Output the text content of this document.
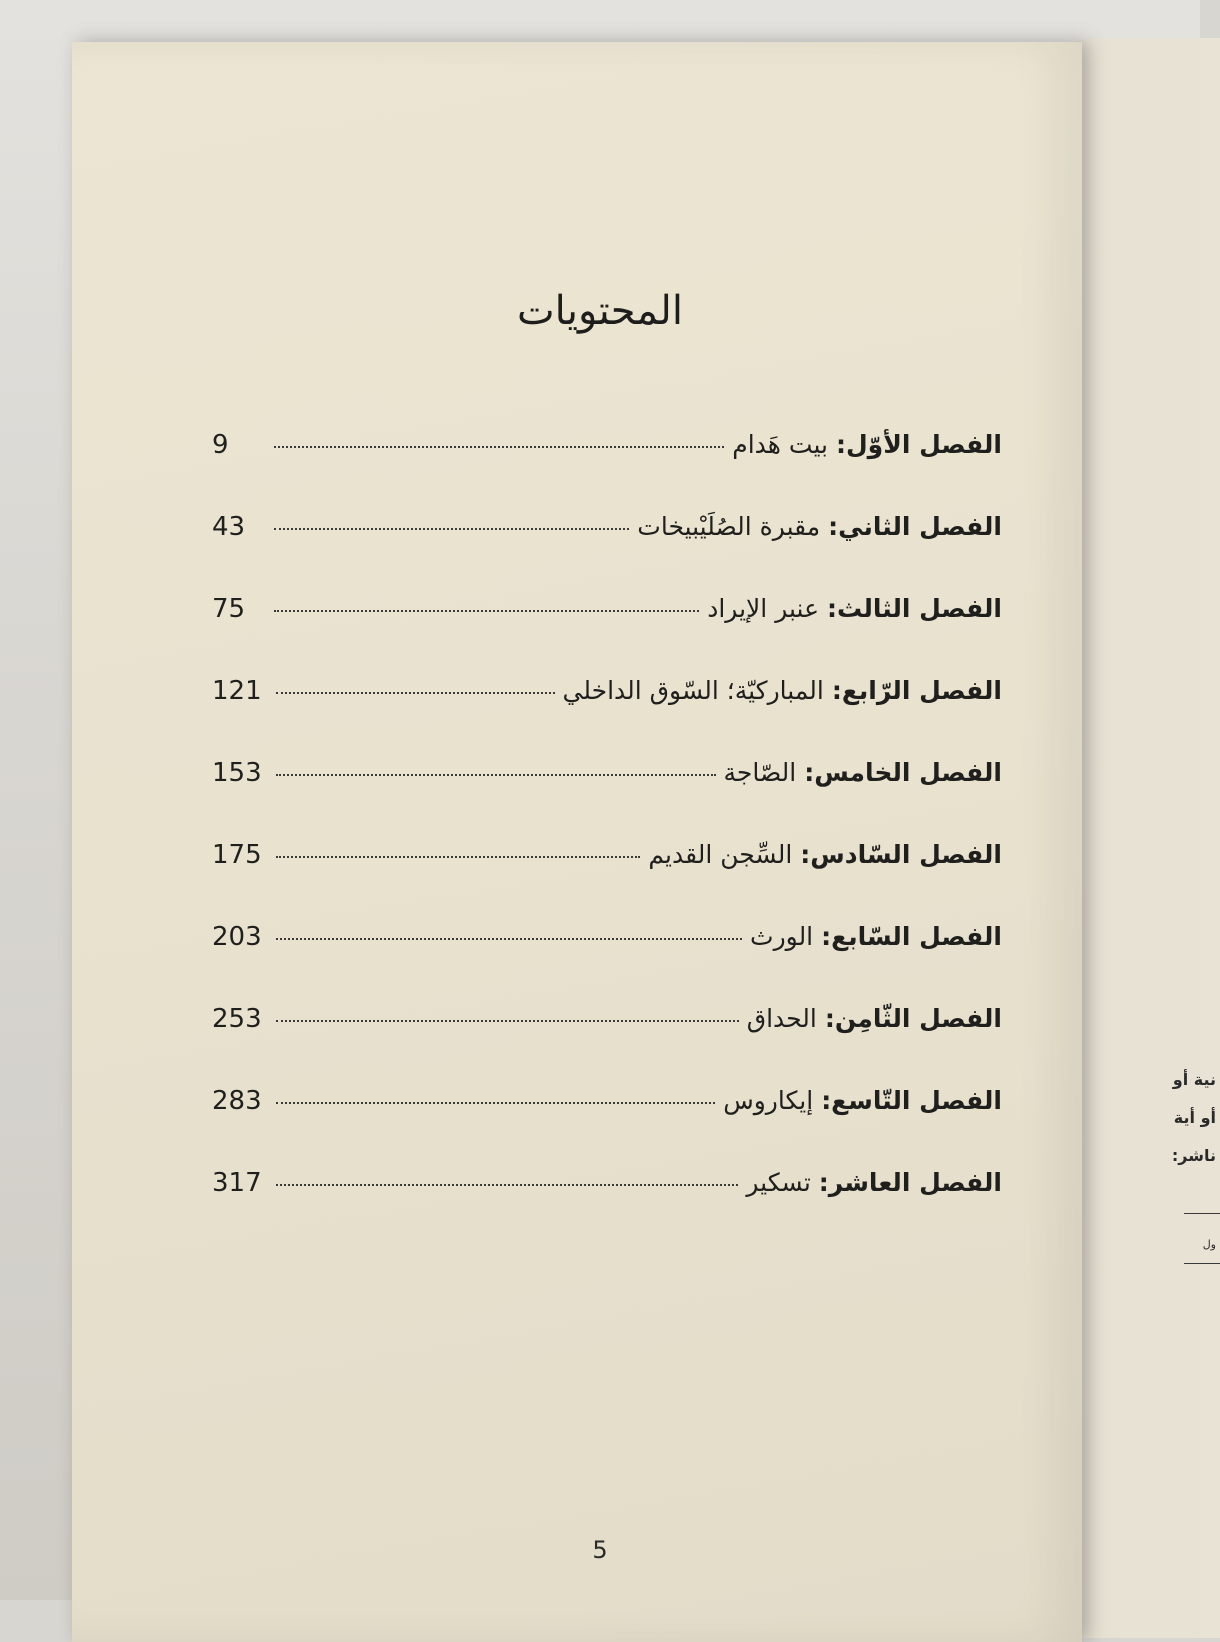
نية أو
أو أية
ناشر:
ول
المحتويات
الفصل الأوّل:
بيت هَدام
9
الفصل الثاني:
مقبرة الصُلَيْبيخات
43
الفصل الثالث:
عنبر الإيراد
75
الفصل الرّابع:
المباركيّة؛ السّوق الداخلي
121
الفصل الخامس:
الصّاجة
153
الفصل السّادس:
السِّجن القديم
175
الفصل السّابع:
الورث
203
الفصل الثّامِن:
الحداق
253
الفصل التّاسع:
إيكاروس
283
الفصل العاشر:
تسكير
317
5
